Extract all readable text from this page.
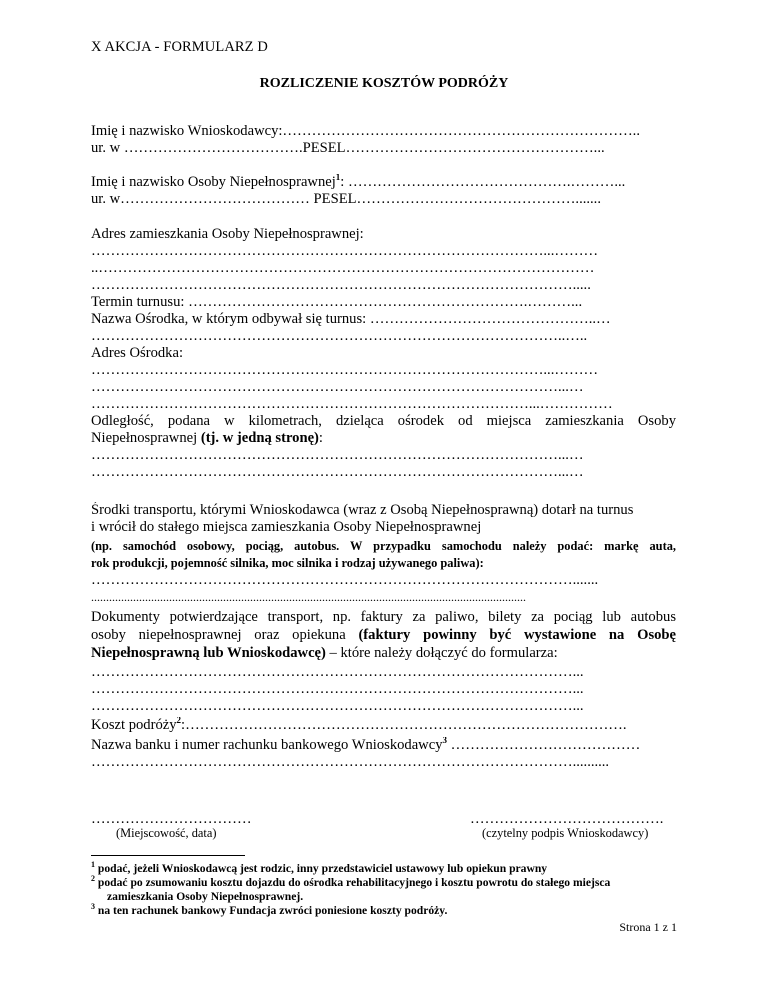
X AKCJA - FORMULARZ D
ROZLICZENIE KOSZTÓW PODRÓŻY
Imię i nazwisko Wnioskodawcy:………………………………………………………………..
ur. w ……………………………….PESEL……………………………………………...
Imię i nazwisko Osoby Niepełnosprawnej$^1$: ……………………………………….………...
ur. w………………………………… PESEL……………………………………….......
Adres zamieszkania Osoby Niepełnosprawnej:
…………………………………………………………………………………...………
..…………………………………………………………………………………………
……………………………………………………………………………………….....
Termin turnusu: …………………………………………………………….………...
Nazwa Ośrodka, w którym odbywał się turnus: ………………………………………..…
……………………………………………………………………………………..…..
Adres Ośrodka:
…………………………………………………………………………………...………
……………………………………………………………………………………...…
………………………………………………………………………………...……………
Odległość, podana w kilometrach, dzieląca ośrodek od miejsca zamieszkania Osoby
Niepełnosprawnej (tj. w jedną stronę):
……………………………………………………………………………………...…
……………………………………………………………………………………...…
Środki transportu, którymi Wnioskodawca (wraz z Osobą Niepełnosprawną) dotarł na turnus
i wrócił do stałego miejsca zamieszkania Osoby Niepełnosprawnej
(np. samochód osobowy, pociąg, autobus. W przypadku samochodu należy podać: markę auta,
rok produkcji, pojemność silnika, moc silnika i rodzaj używanego paliwa):
……………………………………………………………………………………….......
.................................................................................................................................................
Dokumenty potwierdzające transport, np. faktury za paliwo, bilety za pociąg lub autobus
osoby niepełnosprawnej oraz opiekuna (faktury powinny być wystawione na Osobę
Niepełnosprawną lub Wnioskodawcę) – które należy dołączyć do formularza:
………………………………………………………………………………………...
………………………………………………………………………………………...
………………………………………………………………………………………...
Koszt podróży$^2$:……………………………………………………………………………….
Nazwa banku i numer rachunku bankowego Wnioskodawcy$^3$ …………………………………
………………………………………………………………………………………..........
……………………………
(Miejscowość, data)
………………………………….
(czytelny podpis Wnioskodawcy)
$^1$ podać, jeżeli Wnioskodawcą jest rodzic, inny przedstawiciel ustawowy lub opiekun prawny
$^2$ podać po zsumowaniu kosztu dojazdu do ośrodka rehabilitacyjnego i kosztu powrotu do stałego miejsca
zamieszkania Osoby Niepełnosprawnej.
$^3$ na ten rachunek bankowy Fundacja zwróci poniesione koszty podróży.
Strona 1 z 1
